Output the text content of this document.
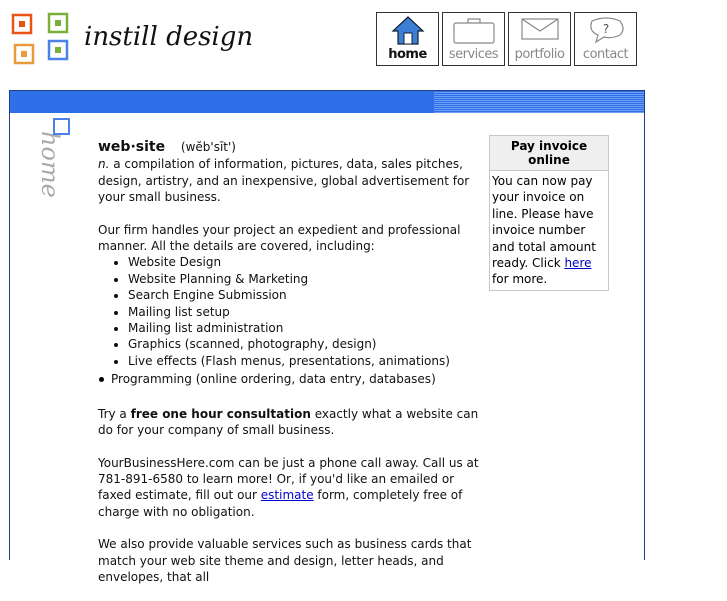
instill design
home services portfolio
?
contact
home web·site (wĕb'sīt')

n. a compilation of information, pictures, data, sales pitches, design, artistry, and an inexpensive, global advertisement for your small business.

Our firm handles your project an expedient and professional manner. All the details are covered, including:
• Website Design
• Website Planning & Marketing
• Search Engine Submission
• Mailing list setup
• Mailing list administration
• Graphics (scanned, photography, design)
• Live effects (Flash menus, presentations, animations)
Programming (online ordering, data entry, databases)

Try a free one hour consultation exactly what a website can do for your company of small business.

YourBusinessHere.com can be just a phone call away. Call us at 781-891-6580 to learn more! Or, if you'd like an emailed or faxed estimate, fill out our estimate form, completely free of charge with no obligation.

We also provide valuable services such as business cards that match your web site theme and design, letter heads, and envelopes, that all

Pay invoice online
You can now pay your invoice on line. Please have invoice number and total amount ready. Click here for more.
